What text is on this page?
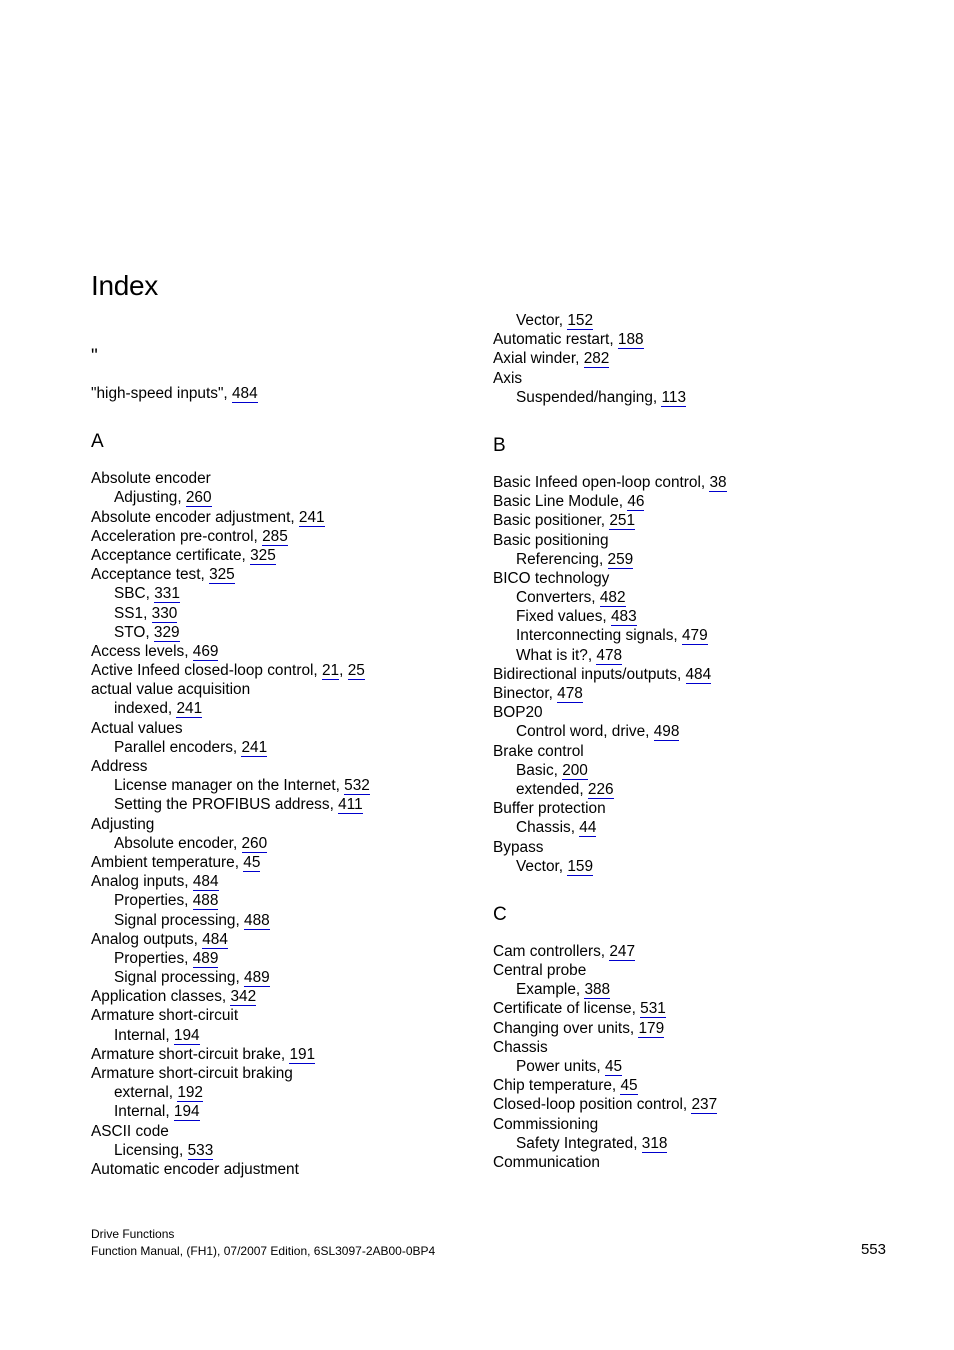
Index
"
"high-speed inputs", 484
A
Absolute encoder
Adjusting, 260
Absolute encoder adjustment, 241
Acceleration pre-control, 285
Acceptance certificate, 325
Acceptance test, 325
SBC, 331
SS1, 330
STO, 329
Access levels, 469
Active Infeed closed-loop control, 21, 25
actual value acquisition
indexed, 241
Actual values
Parallel encoders, 241
Address
License manager on the Internet, 532
Setting the PROFIBUS address, 411
Adjusting
Absolute encoder, 260
Ambient temperature, 45
Analog inputs, 484
Properties, 488
Signal processing, 488
Analog outputs, 484
Properties, 489
Signal processing, 489
Application classes, 342
Armature short-circuit
Internal, 194
Armature short-circuit brake, 191
Armature short-circuit braking
external, 192
Internal, 194
ASCII code
Licensing, 533
Automatic encoder adjustment
Vector, 152
Automatic restart, 188
Axial winder, 282
Axis
Suspended/hanging, 113
B
Basic Infeed open-loop control, 38
Basic Line Module, 46
Basic positioner, 251
Basic positioning
Referencing, 259
BICO technology
Converters, 482
Fixed values, 483
Interconnecting signals, 479
What is it?, 478
Bidirectional inputs/outputs, 484
Binector, 478
BOP20
Control word, drive, 498
Brake control
Basic, 200
extended, 226
Buffer protection
Chassis, 44
Bypass
Vector, 159
C
Cam controllers, 247
Central probe
Example, 388
Certificate of license, 531
Changing over units, 179
Chassis
Power units, 45
Chip temperature, 45
Closed-loop position control, 237
Commissioning
Safety Integrated, 318
Communication
Drive Functions
Function Manual, (FH1), 07/2007 Edition, 6SL3097-2AB00-0BP4	553
